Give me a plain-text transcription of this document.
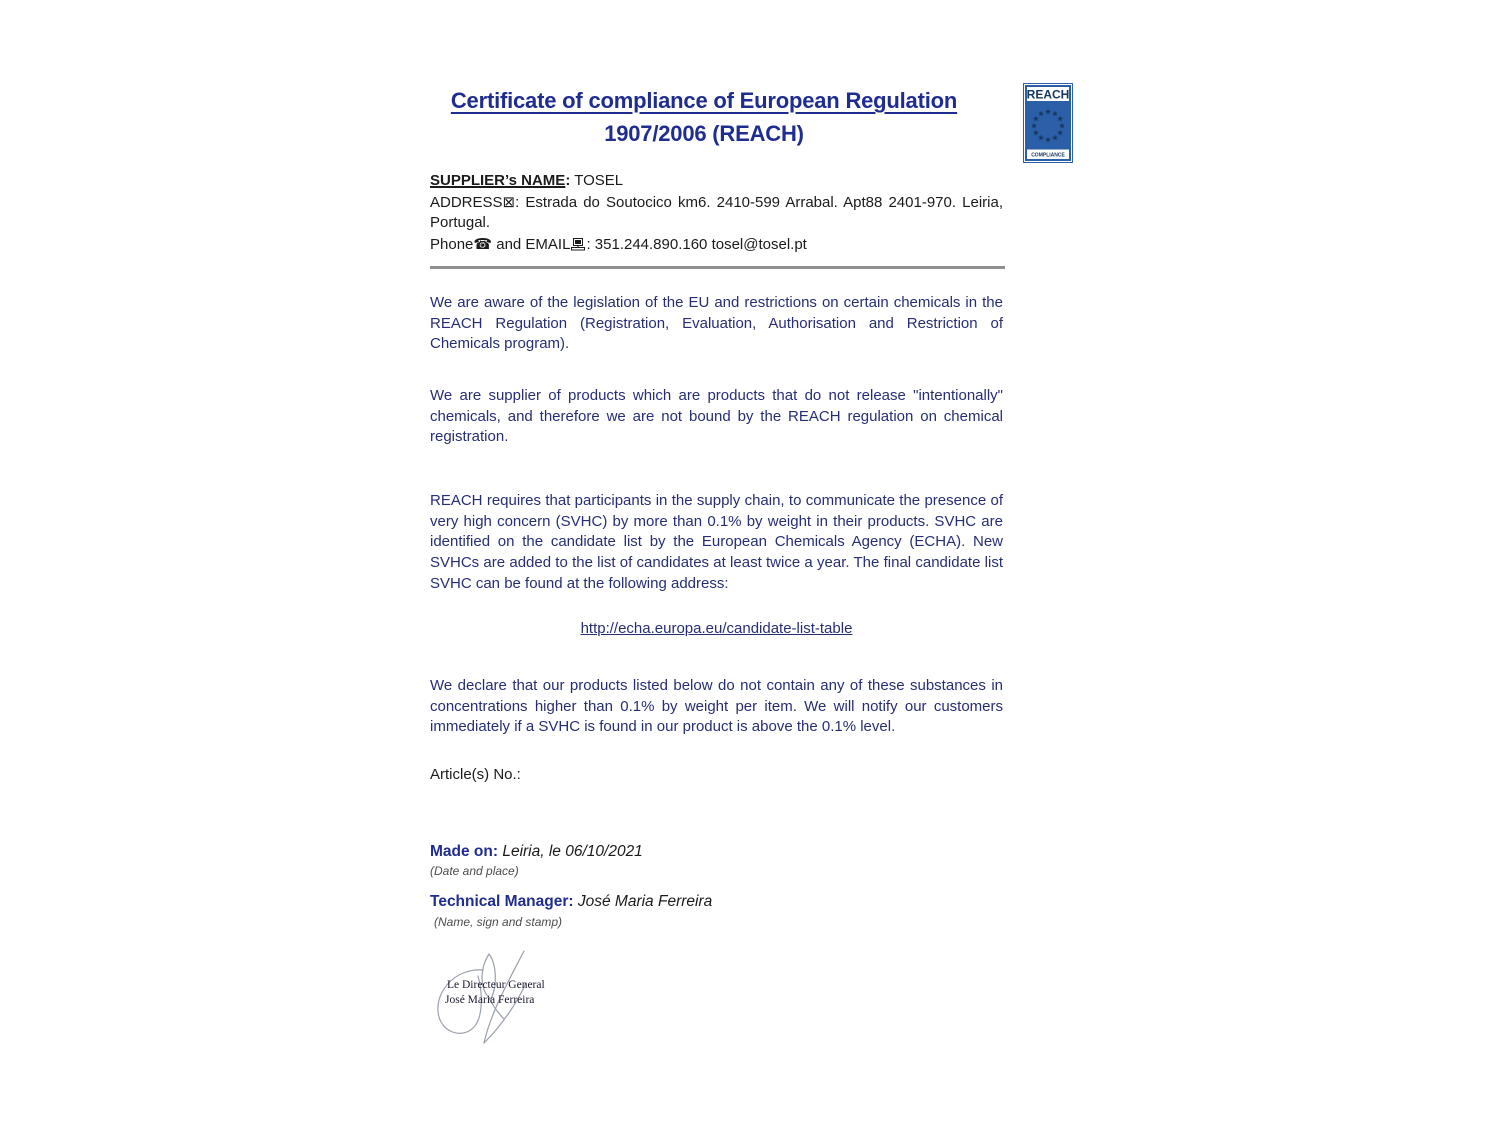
Certificate of compliance of European Regulation
1907/2006 (REACH)
REACH
★ ★
★
★
★
★
★
★
★
★
★
★
COMPLIANCE
SUPPLIER’s NAME: TOSEL
ADDRESS⊠: Estrada do Soutocico km6. 2410-599 Arrabal. Apt88 2401-970. Leiria,
Portugal.
Phone☎ and EMAIL : 351.244.890.160 tosel@tosel.pt

We are aware of the legislation of the EU and restrictions on certain chemicals in the REACH Regulation (Registration, Evaluation, Authorisation and Restriction of Chemicals program).

We are supplier of products which are products that do not release "intentionally" chemicals, and therefore we are not bound by the REACH regulation on chemical registration.

REACH requires that participants in the supply chain, to communicate the presence of very high concern (SVHC) by more than 0.1% by weight in their products. SVHC are identified on the candidate list by the European Chemicals Agency (ECHA). New SVHCs are added to the list of candidates at least twice a year. The final candidate list SVHC can be found at the following address:

http://echa.europa.eu/candidate-list-table

We declare that our products listed below do not contain any of these substances in concentrations higher than 0.1% by weight per item. We will notify our customers immediately if a SVHC is found in our product is above the 0.1% level.

Article(s) No.:
Made on: Leiria, le 06/10/2021
(Date and place)
Technical Manager: José Maria Ferreira
(Name, sign and stamp)
Le Directeur General
José Maria Ferreira
